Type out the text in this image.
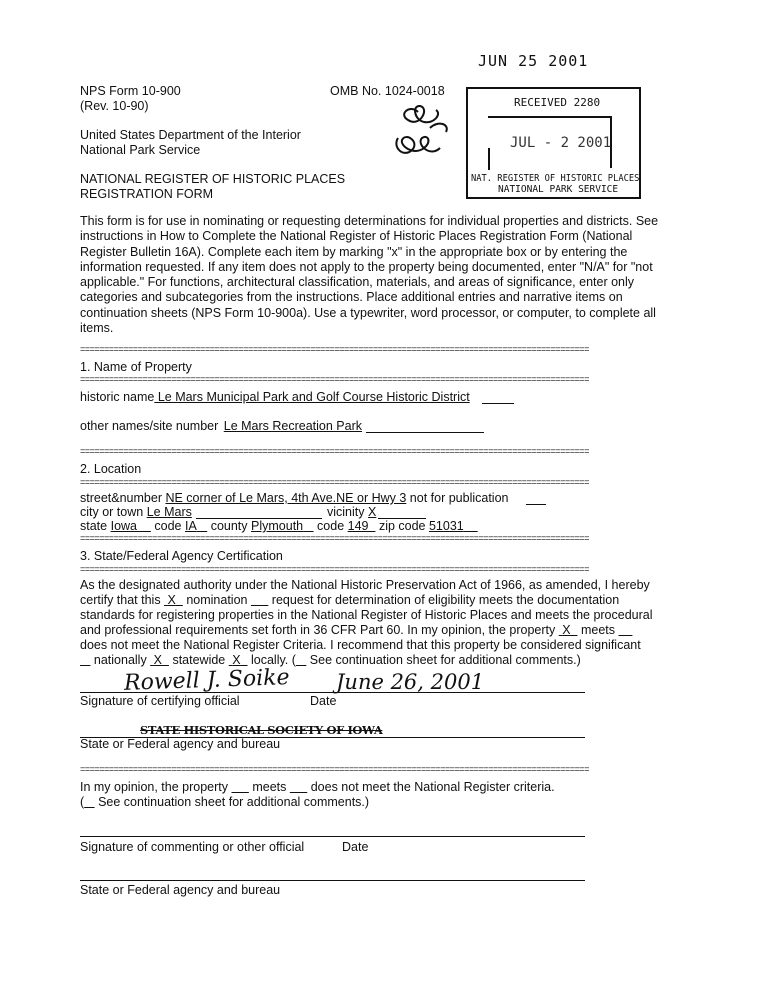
JUN 25 2001
NPS Form 10-900
(Rev. 10-90)
OMB No. 1024-0018
United States Department of the Interior
National Park Service
NATIONAL REGISTER OF HISTORIC PLACES
REGISTRATION FORM
RECEIVED 2280
JUL - 2 2001
NAT. REGISTER OF HISTORIC PLACES
NATIONAL PARK SERVICE
This form is for use in nominating or requesting determinations for individual properties and districts. See instructions in How to Complete the National Register of Historic Places Registration Form (National Register Bulletin 16A). Complete each item by marking "x" in the appropriate box or by entering the information requested. If any item does not apply to the property being documented, enter "N/A" for "not applicable." For functions, architectural classification, materials, and areas of significance, enter only categories and subcategories from the instructions. Place additional entries and narrative items on continuation sheets (NPS Form 10-900a). Use a typewriter, word processor, or computer, to complete all items.
==========================================================================================================
1. Name of Property
==========================================================================================================
historic name Le Mars Municipal Park and Golf Course Historic District
other names/site number Le Mars Recreation Park
==========================================================================================================
2. Location
==========================================================================================================
street&number NE corner of Le Mars, 4th Ave.NE or Hwy 3 not for publication
city or town Le Mars	vicinity X
state Iowa code IA county Plymouth code 149 zip code 51031
==========================================================================================================
3. State/Federal Agency Certification
==========================================================================================================
As the designated authority under the National Historic Preservation Act of 1966, as amended, I hereby
certify that this  X   nomination       request for determination of eligibility meets the documentation
standards for registering properties in the National Register of Historic Places and meets the procedural
and professional requirements set forth in 36 CFR Part 60. In my opinion, the property  X   meets
does not meet the National Register Criteria. I recommend that this property be considered significant
nationally  X   statewide  X   locally. (    See continuation sheet for additional comments.)
Rowell J. Soike June 26, 2001
Signature of certifying official	Date
STATE HISTORICAL SOCIETY OF IOWA
State or Federal agency and bureau
==========================================================================================================
In my opinion, the property       meets       does not meet the National Register criteria.
(    See continuation sheet for additional comments.)
Signature of commenting or other official	Date
State or Federal agency and bureau
